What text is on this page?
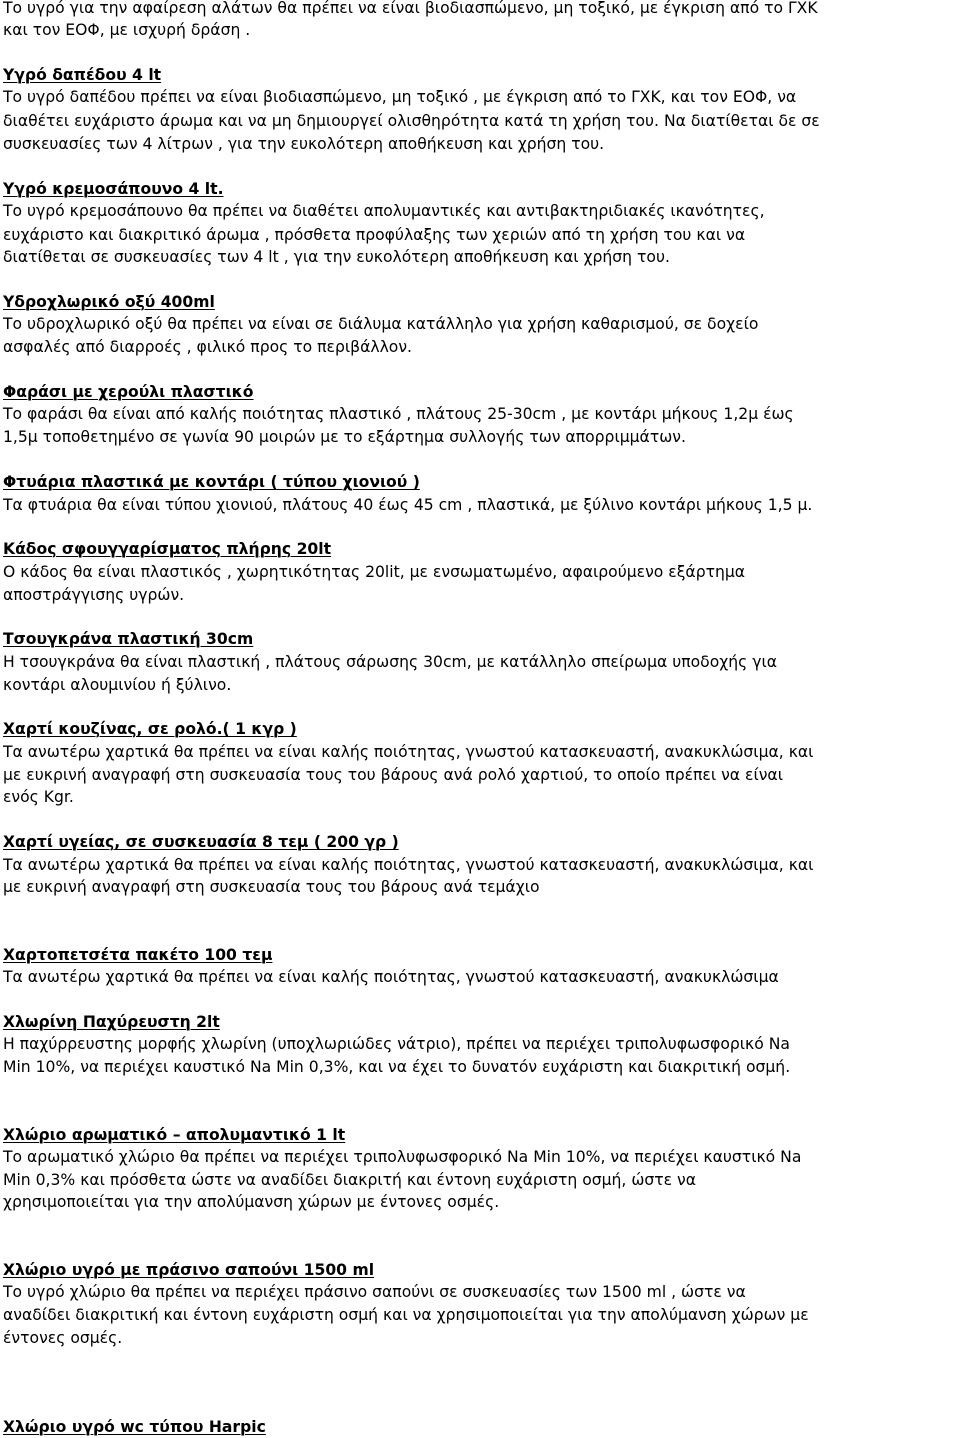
Το υγρό για την αφαίρεση αλάτων θα πρέπει να είναι βιοδιασπώμενο, μη τοξικό, με έγκριση από το ΓΧΚ
και τον ΕΟΦ, με ισχυρή δράση .
Υγρό δαπέδου 4 lt
Το υγρό δαπέδου πρέπει να είναι βιοδιασπώμενο, μη τοξικό , με έγκριση από το ΓΧΚ, και τον ΕΟΦ, να
διαθέτει ευχάριστο άρωμα και να μη δημιουργεί ολισθηρότητα κατά τη χρήση του. Να διατίθεται δε σε
συσκευασίες των 4 λίτρων , για την ευκολότερη αποθήκευση και χρήση του.
Υγρό κρεμοσάπουνο 4 lt.
Το υγρό κρεμοσάπουνο θα πρέπει να διαθέτει απολυμαντικές και αντιβακτηριδιακές ικανότητες,
ευχάριστο και διακριτικό άρωμα , πρόσθετα προφύλαξης των χεριών από τη χρήση του και να
διατίθεται σε συσκευασίες των 4 lt , για την ευκολότερη αποθήκευση και χρήση του.
Υδροχλωρικό οξύ 400ml
Το υδροχλωρικό οξύ θα πρέπει να είναι σε διάλυμα κατάλληλο για χρήση καθαρισμού, σε δοχείο
ασφαλές από διαρροές , φιλικό προς το περιβάλλον.
Φαράσι με χερούλι πλαστικό
Το φαράσι θα είναι από καλής ποιότητας πλαστικό , πλάτους 25-30cm , με κοντάρι μήκους 1,2μ έως
1,5μ τοποθετημένο σε γωνία 90 μοιρών με το εξάρτημα συλλογής των απορριμμάτων.
Φτυάρια πλαστικά με κοντάρι ( τύπου χιονιού )
Τα φτυάρια θα είναι τύπου χιονιού, πλάτους 40 έως 45 cm , πλαστικά, με ξύλινο κοντάρι μήκους 1,5 μ.
Κάδος σφουγγαρίσματος πλήρης 20lt
Ο κάδος θα είναι πλαστικός , χωρητικότητας 20lit, με ενσωματωμένο, αφαιρούμενο εξάρτημα
αποστράγγισης υγρών.
Τσουγκράνα πλαστική 30cm
Η τσουγκράνα θα είναι πλαστική , πλάτους σάρωσης 30cm, με κατάλληλο σπείρωμα υποδοχής για
κοντάρι αλουμινίου ή ξύλινο.
Χαρτί κουζίνας, σε ρολό.( 1 κγρ )
Τα ανωτέρω χαρτικά θα πρέπει να είναι καλής ποιότητας, γνωστού κατασκευαστή, ανακυκλώσιμα, και
με ευκρινή αναγραφή στη συσκευασία τους του βάρους ανά ρολό χαρτιού, το οποίο πρέπει να είναι
ενός Kgr.
Χαρτί υγείας, σε συσκευασία 8 τεμ ( 200 γρ )
Τα ανωτέρω χαρτικά θα πρέπει να είναι καλής ποιότητας, γνωστού κατασκευαστή, ανακυκλώσιμα, και
με ευκρινή αναγραφή στη συσκευασία τους του βάρους ανά τεμάχιο
Χαρτοπετσέτα πακέτο 100 τεμ
Τα ανωτέρω χαρτικά θα πρέπει να είναι καλής ποιότητας, γνωστού κατασκευαστή, ανακυκλώσιμα
Χλωρίνη Παχύρευστη 2lt
Η παχύρρευστης μορφής χλωρίνη (υποχλωριώδες νάτριο), πρέπει να περιέχει τριπολυφωσφορικό Na
Min 10%, να περιέχει καυστικό Na Min 0,3%, και να έχει το δυνατόν ευχάριστη και διακριτική οσμή.
Χλώριο αρωματικό – απολυμαντικό 1 lt
Το αρωματικό χλώριο θα πρέπει να περιέχει τριπολυφωσφορικό Na Min 10%, να περιέχει καυστικό Na
Min 0,3% και πρόσθετα ώστε να αναδίδει διακριτή και έντονη ευχάριστη οσμή, ώστε να
χρησιμοποιείται για την απολύμανση χώρων με έντονες οσμές.
Χλώριο υγρό με πράσινο σαπούνι 1500 ml
Το υγρό χλώριο θα πρέπει να περιέχει πράσινο σαπούνι σε συσκευασίες των 1500 ml , ώστε να
αναδίδει διακριτική και έντονη ευχάριστη οσμή και να χρησιμοποιείται για την απολύμανση χώρων με
έντονες οσμές.
Χλώριο υγρό wc τύπου Harpic
